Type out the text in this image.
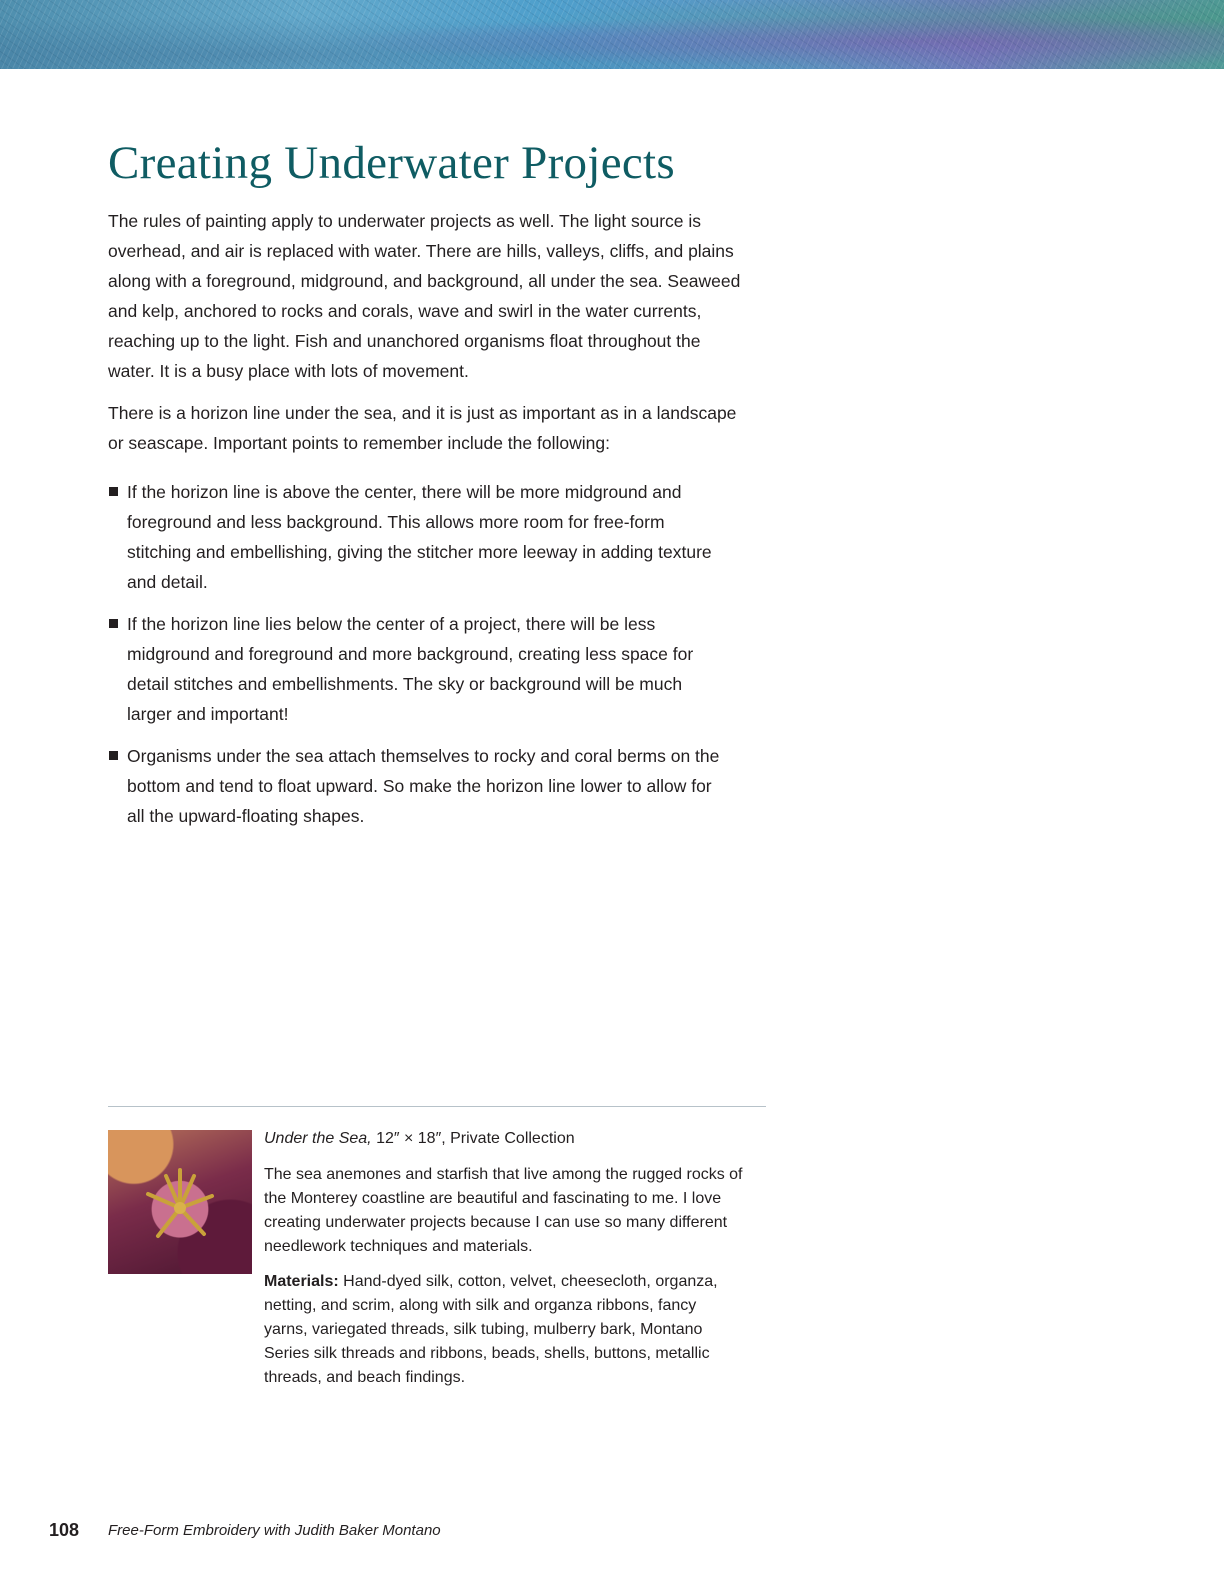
Creating Underwater Projects

The rules of painting apply to underwater projects as well. The light source is overhead, and air is replaced with water. There are hills, valleys, cliffs, and plains along with a foreground, midground, and background, all under the sea. Seaweed and kelp, anchored to rocks and corals, wave and swirl in the water currents, reaching up to the light. Fish and unanchored organisms float throughout the water. It is a busy place with lots of movement.

There is a horizon line under the sea, and it is just as important as in a landscape or seascape. Important points to remember include the following:

If the horizon line is above the center, there will be more midground and foreground and less background. This allows more room for free-form stitching and embellishing, giving the stitcher more leeway in adding texture and detail.
If the horizon line lies below the center of a project, there will be less midground and foreground and more background, creating less space for detail stitches and embellishments. The sky or background will be much larger and important!
Organisms under the sea attach themselves to rocky and coral berms on the bottom and tend to float upward. So make the horizon line lower to allow for all the upward-floating shapes.

Under the Sea, 12″ × 18″, Private Collection

The sea anemones and starfish that live among the rugged rocks of the Monterey coastline are beautiful and fascinating to me. I love creating underwater projects because I can use so many different needlework techniques and materials.

Materials: Hand-dyed silk, cotton, velvet, cheesecloth, organza, netting, and scrim, along with silk and organza ribbons, fancy yarns, variegated threads, silk tubing, mulberry bark, Montano Series silk threads and ribbons, beads, shells, buttons, metallic threads, and beach findings.

108 Free-Form Embroidery with Judith Baker Montano
